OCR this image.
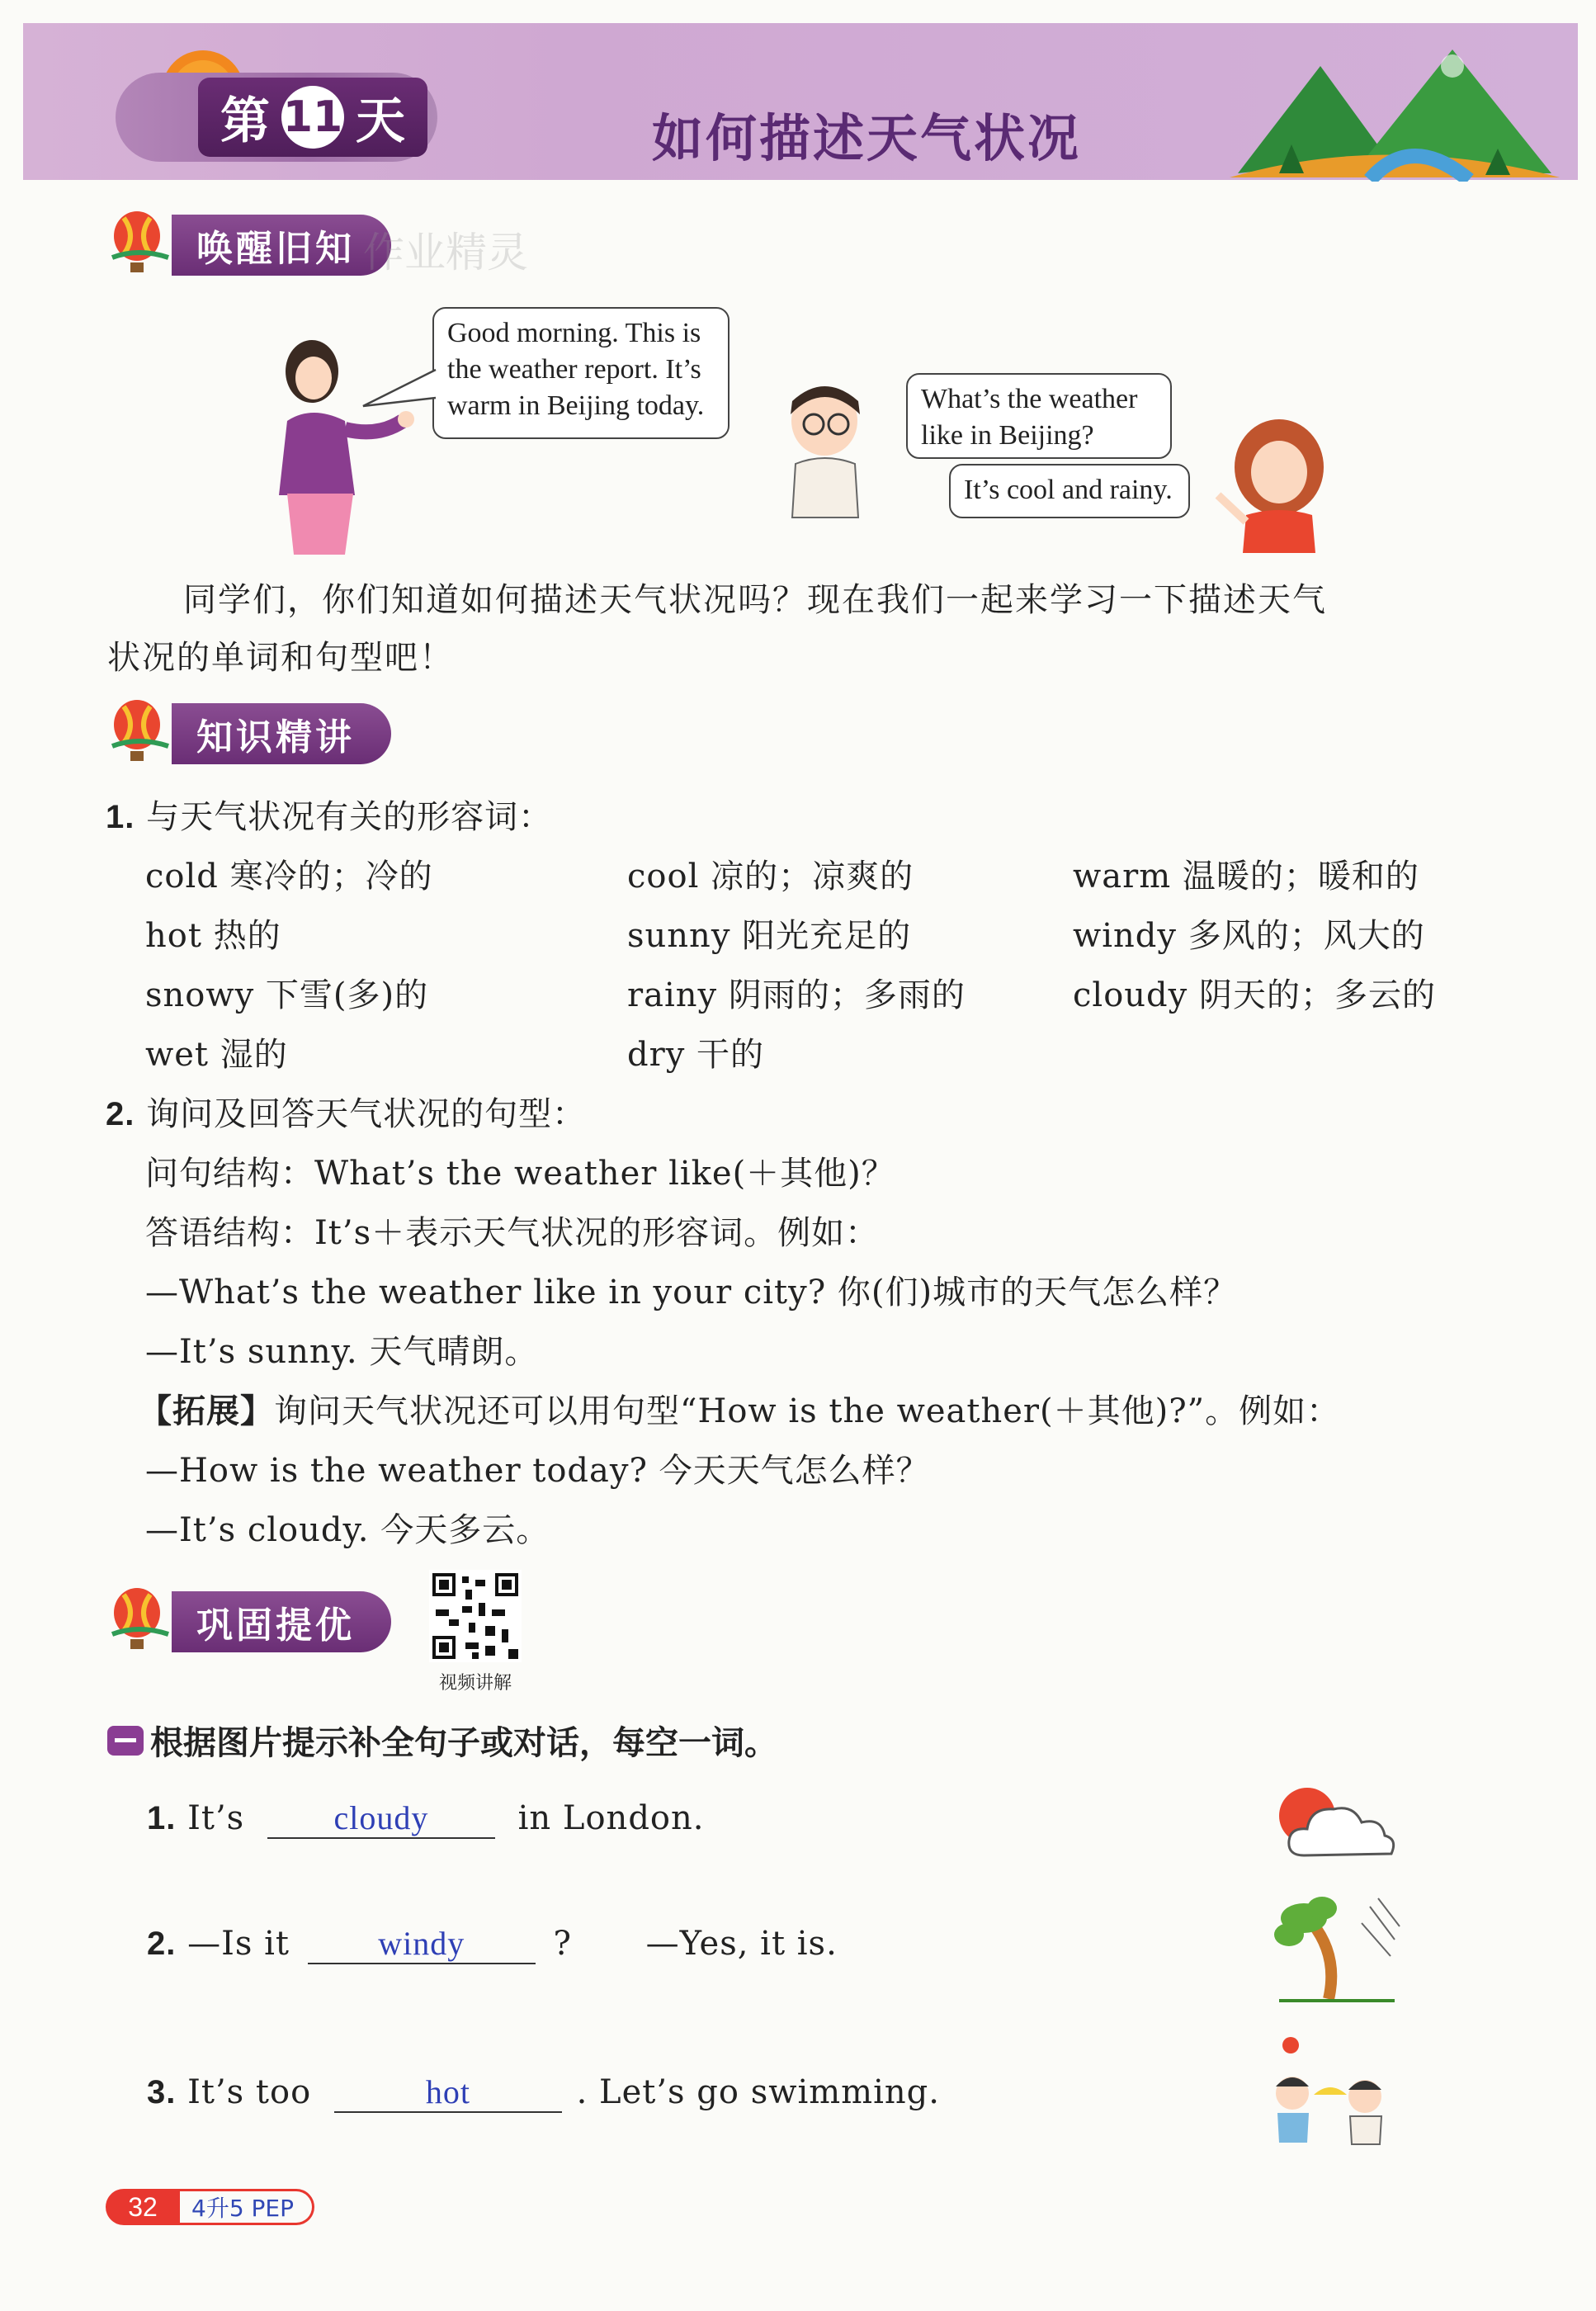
第 11 天	如何描述天气状况
唤醒旧知 作业精灵
Good morning. This is
the weather report. It’s
warm in Beijing today.	What’s the weather
like in Beijing?
It’s cool and rainy.
同学们，你们知道如何描述天气状况吗？现在我们一起来学习一下描述天气
状况的单词和句型吧！
知识精讲
1. 与天气状况有关的形容词：
cold 寒冷的；冷的	cool 凉的；凉爽的	warm 温暖的；暖和的
hot 热的	sunny 阳光充足的	windy 多风的；风大的
snowy 下雪(多)的	rainy 阴雨的；多雨的	cloudy 阴天的；多云的
wet 湿的	dry 干的
2. 询问及回答天气状况的句型：
问句结构：What’s the weather like(＋其他)？
答语结构：It’s＋表示天气状况的形容词。例如：
—What’s the weather like in your city? 你(们)城市的天气怎么样？
—It’s sunny. 天气晴朗。
【拓展】询问天气状况还可以用句型“How is the weather(＋其他)?”。例如：
—How is the weather today? 今天天气怎么样？
—It’s cloudy. 今天多云。
巩固提优
视频讲解
根据图片提示补全句子或对话，每空一词。
1. It’s	cloudy	in London.
2. —Is it	windy	? —Yes, it is.
3. It’s too	hot	. Let’s go swimming.
32	4升5 PEP
